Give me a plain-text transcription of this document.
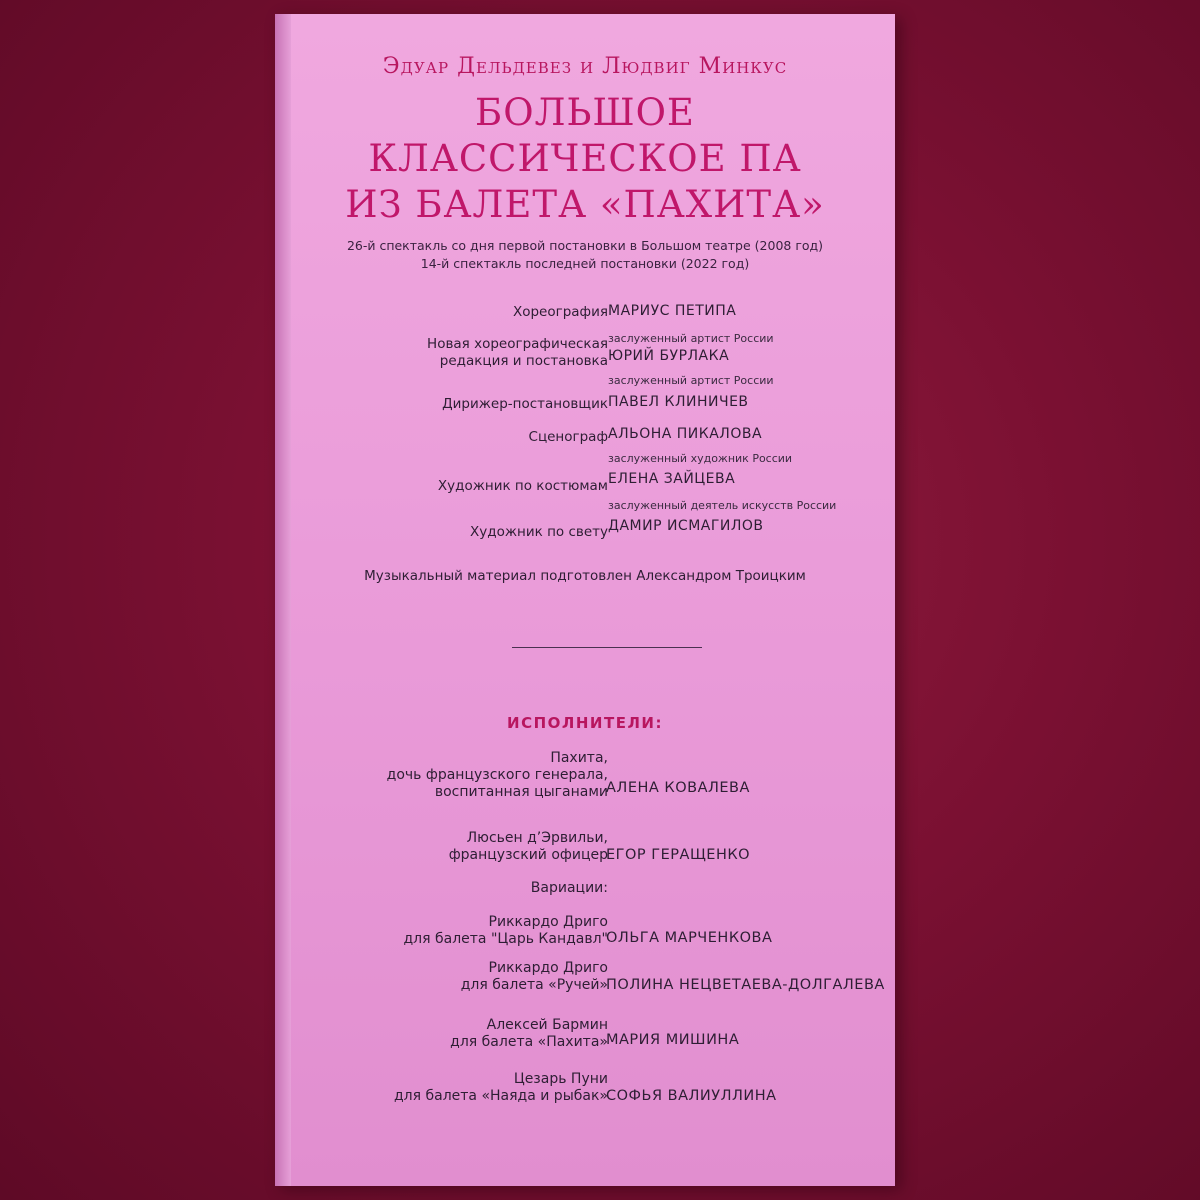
Эдуар Дельдевез и Людвиг Минкус
БОЛЬШОЕ
КЛАССИЧЕСКОЕ ПА
ИЗ БАЛЕТА «ПАХИТА»
26-й спектакль со дня первой постановки в Большом театре (2008 год)
14-й спектакль последней постановки (2022 год)
Хореография МАРИУС ПЕТИПА
Новая хореографическая
редакция и постановка
заслуженный артист России
ЮРИЙ БУРЛАКА
заслуженный артист России
Дирижер-постановщик ПАВЕЛ КЛИНИЧЕВ
Сценограф АЛЬОНА ПИКАЛОВА
заслуженный художник России
Художник по костюмам ЕЛЕНА ЗАЙЦЕВА
заслуженный деятель искусств России
Художник по свету ДАМИР ИСМАГИЛОВ
Музыкальный материал подготовлен Александром Троицким
ИСПОЛНИТЕЛИ:
Пахита,
дочь французского генерала,
воспитанная цыганами
АЛЕНА КОВАЛЕВА
Люсьен д’Эрвильи,
французский офицер
ЕГОР ГЕРАЩЕНКО
Вариации:
Риккардо Дриго
для балета "Царь Кандавл"
ОЛЬГА МАРЧЕНКОВА
Риккардо Дриго
для балета «Ручей»
ПОЛИНА НЕЦВЕТАЕВА-ДОЛГАЛЕВА
Алексей Бармин
для балета «Пахита»
МАРИЯ МИШИНА
Цезарь Пуни
для балета «Наяда и рыбак»
СОФЬЯ ВАЛИУЛЛИНА
